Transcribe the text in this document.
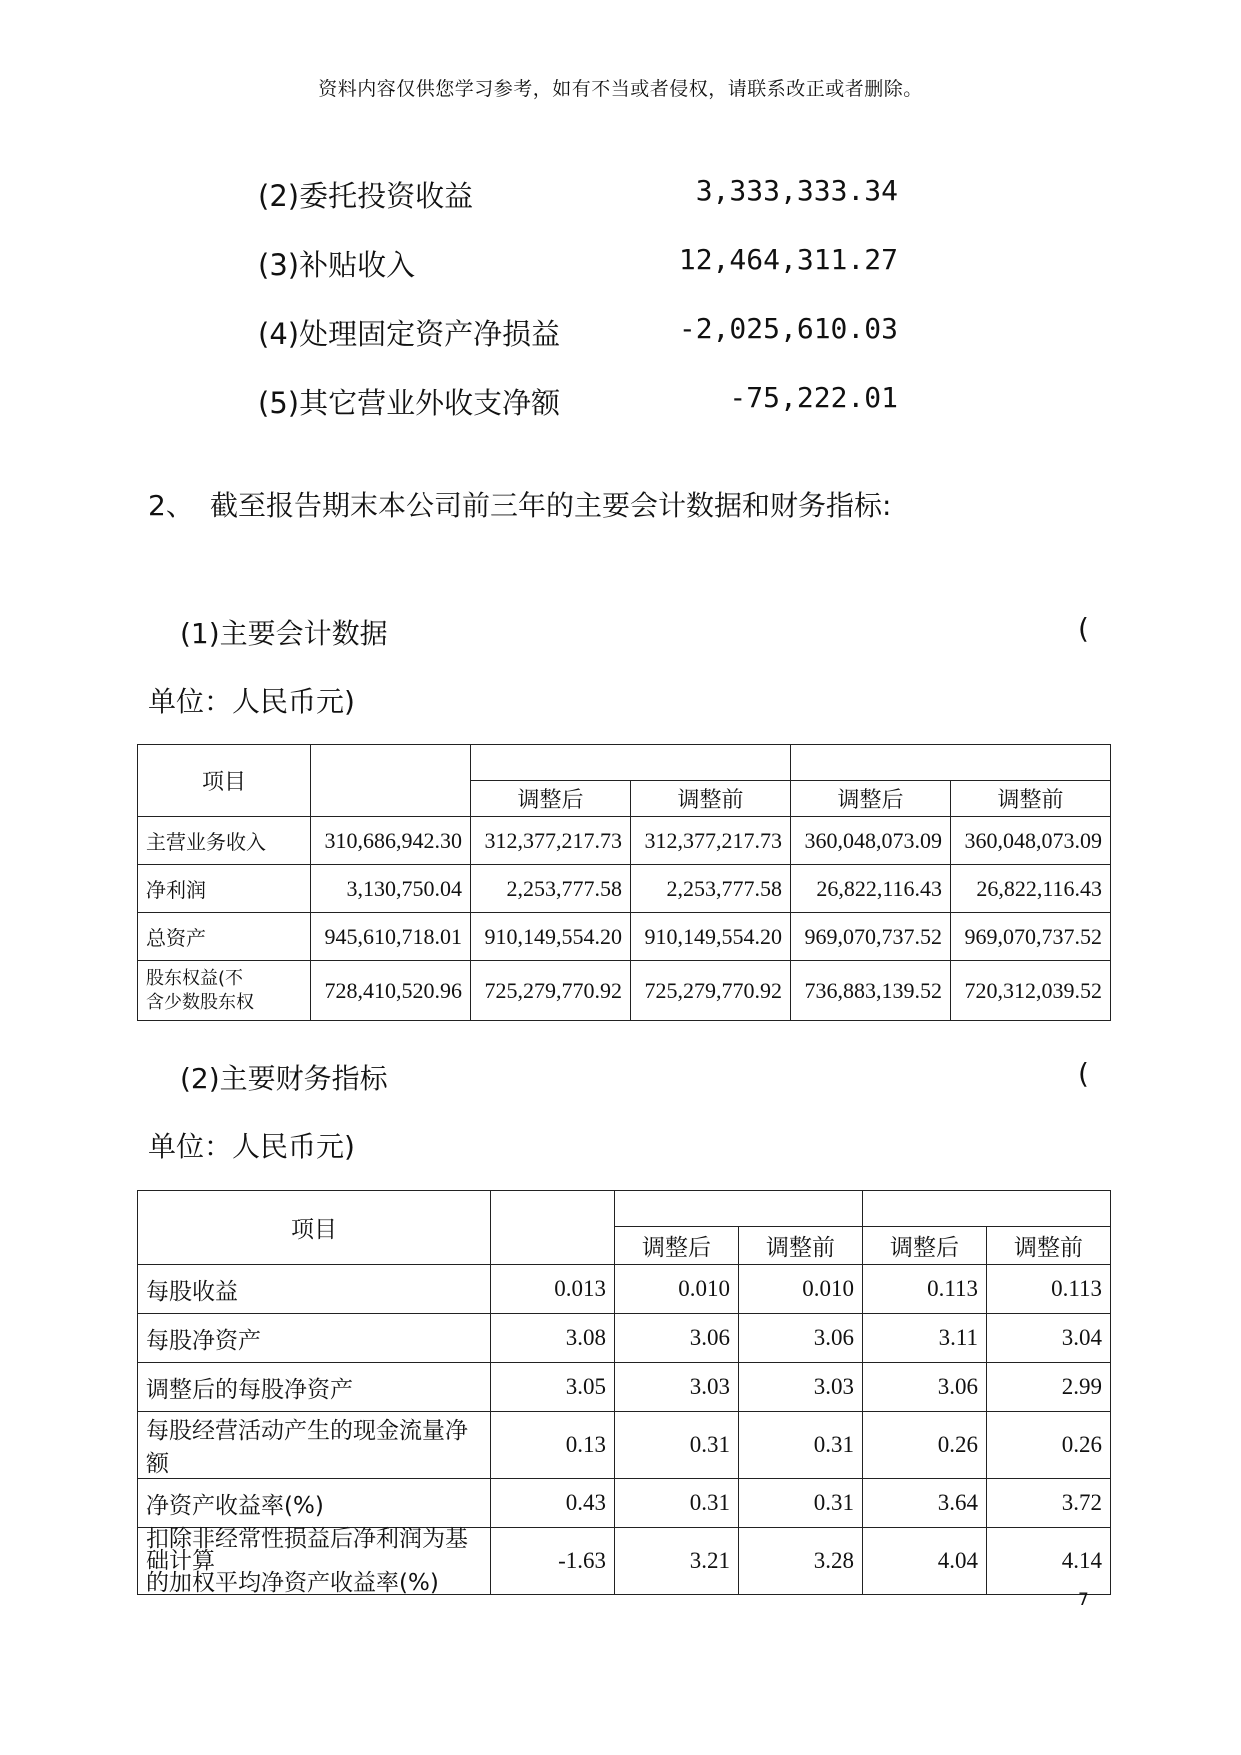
资料内容仅供您学习参考，如有不当或者侵权，请联系改正或者删除。
(2)委托投资收益	3,333,333.34
(3)补贴收入	12,464,311.27
(4)处理固定资产净损益	-2,025,610.03
(5)其它营业外收支净额	-75,222.01
2、 截至报告期末本公司前三年的主要会计数据和财务指标:
(1)主要会计数据	(
单位：人民币元)
项目					
		调整后	调整前	调整后	调整前
主营业务收入	310,686,942.30	312,377,217.73	312,377,217.73	360,048,073.09	360,048,073.09
净利润	3,130,750.04	2,253,777.58	2,253,777.58	26,822,116.43	26,822,116.43
总资产	945,610,718.01	910,149,554.20	910,149,554.20	969,070,737.52	969,070,737.52
股东权益(不
含少数股东权	728,410,520.96	725,279,770.92	725,279,770.92	736,883,139.52	720,312,039.52
(2)主要财务指标	(
单位：人民币元)
项目					
		调整后	调整前	调整后	调整前
每股收益	0.013	0.010	0.010	0.113	0.113
每股净资产	3.08	3.06	3.06	3.11	3.04
调整后的每股净资产	3.05	3.03	3.03	3.06	2.99
每股经营活动产生的现金流量净额	0.13	0.31	0.31	0.26	0.26
净资产收益率(%)	0.43	0.31	0.31	3.64	3.72
扣除非经常性损益后净利润为基础计算
的加权平均净资产收益率(%)	-1.63	3.21	3.28	4.04	4.14
7
